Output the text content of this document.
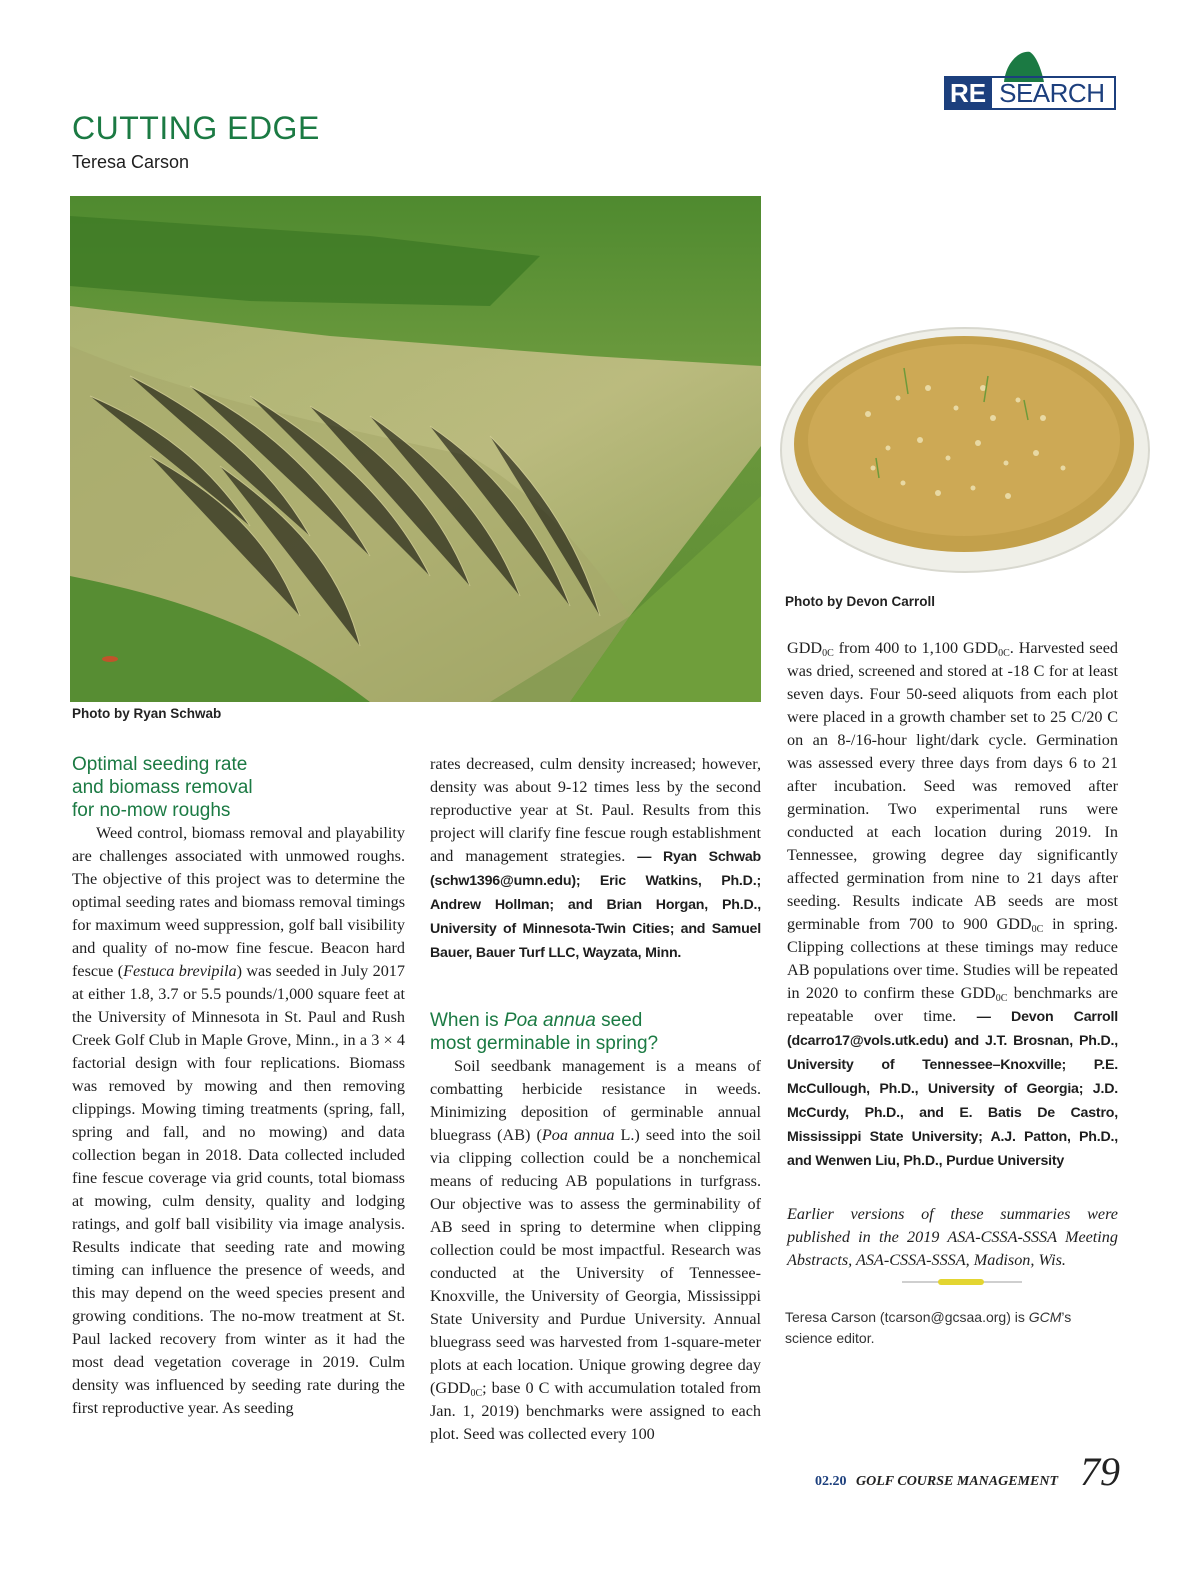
RE SEARCH
CUTTING EDGE
Teresa Carson
Photo by Ryan Schwab
Photo by Devon Carroll
Optimal seeding rate
and biomass removal
for no-mow roughs

Weed control, biomass removal and playability are challenges associated with unmowed roughs. The objective of this project was to determine the optimal seeding rates and biomass removal timings for maximum weed suppression, golf ball visibility and quality of no-mow fine fescue. Beacon hard fescue (Festuca brevipila) was seeded in July 2017 at either 1.8, 3.7 or 5.5 pounds/1,000 square feet at the University of Minnesota in St. Paul and Rush Creek Golf Club in Maple Grove, Minn., in a 3 × 4 factorial design with four replications. Biomass was removed by mowing and then removing clippings. Mowing timing treatments (spring, fall, spring and fall, and no mowing) and data collection began in 2018. Data collected included fine fescue coverage via grid counts, total biomass at mowing, culm density, quality and lodging ratings, and golf ball visibility via image analysis. Results indicate that seeding rate and mowing timing can influence the presence of weeds, and this may depend on the weed species present and growing conditions. The no-mow treatment at St. Paul lacked recovery from winter as it had the most dead vegetation coverage in 2019. Culm density was influenced by seeding rate during the first reproductive year. As seeding

rates decreased, culm density increased; however, density was about 9-12 times less by the second reproductive year at St. Paul. Results from this project will clarify fine fescue rough establishment and management strategies. — Ryan Schwab (schw1396@umn.edu); Eric Watkins, Ph.D.; Andrew Hollman; and Brian Horgan, Ph.D., University of Minnesota-Twin Cities; and Samuel Bauer, Bauer Turf LLC, Wayzata, Minn.

When is Poa annua seed
most germinable in spring?

Soil seedbank management is a means of combatting herbicide resistance in weeds. Minimizing deposition of germinable annual bluegrass (AB) (Poa annua L.) seed into the soil via clipping collection could be a nonchemical means of reducing AB populations in turfgrass. Our objective was to assess the germinability of AB seed in spring to determine when clipping collection could be most impactful. Research was conducted at the University of Tennessee-Knoxville, the University of Georgia, Mississippi State University and Purdue University. Annual bluegrass seed was harvested from 1-square-meter plots at each location. Unique growing degree day ($GDD_{0C}$; base 0 C with accumulation totaled from Jan. 1, 2019) benchmarks were assigned to each plot. Seed was collected every 100

$GDD_{0C}$ from 400 to 1,100 $GDD_{0C}$. Harvested seed was dried, screened and stored at -18 C for at least seven days. Four 50-seed aliquots from each plot were placed in a growth chamber set to 25 C/20 C on an 8-/16-hour light/dark cycle. Germination was assessed every three days from days 6 to 21 after incubation. Seed was removed after germination. Two experimental runs were conducted at each location during 2019. In Tennessee, growing degree day significantly affected germination from nine to 21 days after seeding. Results indicate AB seeds are most germinable from 700 to 900 $GDD_{0C}$ in spring. Clipping collections at these timings may reduce AB populations over time. Studies will be repeated in 2020 to confirm these $GDD_{0C}$ benchmarks are repeatable over time. — Devon Carroll (dcarro17@vols.utk.edu) and J.T. Brosnan, Ph.D., University of Tennessee–Knoxville; P.E. McCullough, Ph.D., University of Georgia; J.D. McCurdy, Ph.D., and E. Batis De Castro, Mississippi State University; A.J. Patton, Ph.D., and Wenwen Liu, Ph.D., Purdue University

Earlier versions of these summaries were published in the 2019 ASA-CSSA-SSSA Meeting Abstracts, ASA-CSSA-SSSA, Madison, Wis.

Teresa Carson (tcarson@gcsaa.org) is GCM’s science editor.
02.20 GOLF COURSE MANAGEMENT 79
